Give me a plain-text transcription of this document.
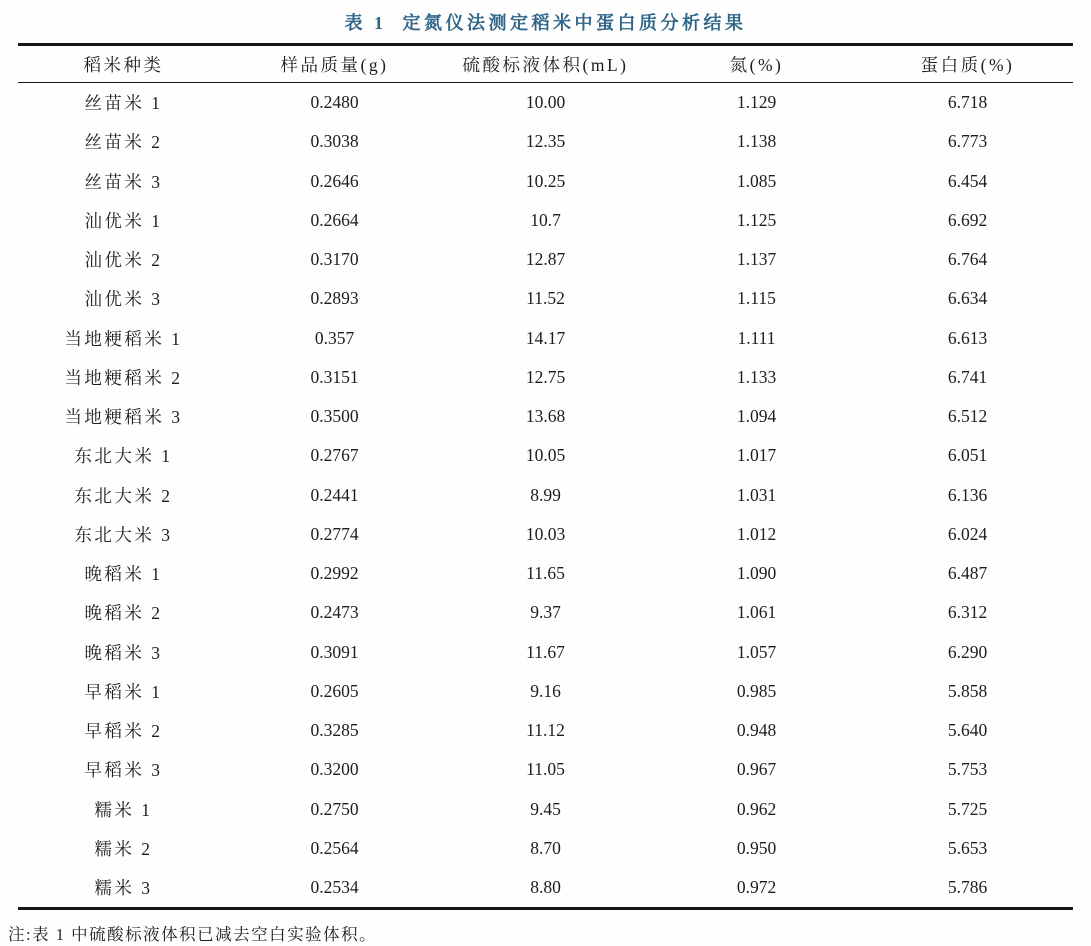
表 1 定氮仪法测定稻米中蛋白质分析结果
稻米种类	样品质量(g)	硫酸标液体积(mL)	氮(%)	蛋白质(%)
丝苗米 1	0.2480	10.00	1.129	6.718
丝苗米 2	0.3038	12.35	1.138	6.773
丝苗米 3	0.2646	10.25	1.085	6.454
汕优米 1	0.2664	10.7	1.125	6.692
汕优米 2	0.3170	12.87	1.137	6.764
汕优米 3	0.2893	11.52	1.115	6.634
当地粳稻米 1	0.357	14.17	1.111	6.613
当地粳稻米 2	0.3151	12.75	1.133	6.741
当地粳稻米 3	0.3500	13.68	1.094	6.512
东北大米 1	0.2767	10.05	1.017	6.051
东北大米 2	0.2441	8.99	1.031	6.136
东北大米 3	0.2774	10.03	1.012	6.024
晚稻米 1	0.2992	11.65	1.090	6.487
晚稻米 2	0.2473	9.37	1.061	6.312
晚稻米 3	0.3091	11.67	1.057	6.290
早稻米 1	0.2605	9.16	0.985	5.858
早稻米 2	0.3285	11.12	0.948	5.640
早稻米 3	0.3200	11.05	0.967	5.753
糯米 1	0.2750	9.45	0.962	5.725
糯米 2	0.2564	8.70	0.950	5.653
糯米 3	0.2534	8.80	0.972	5.786
注:表 1 中硫酸标液体积已减去空白实验体积。
